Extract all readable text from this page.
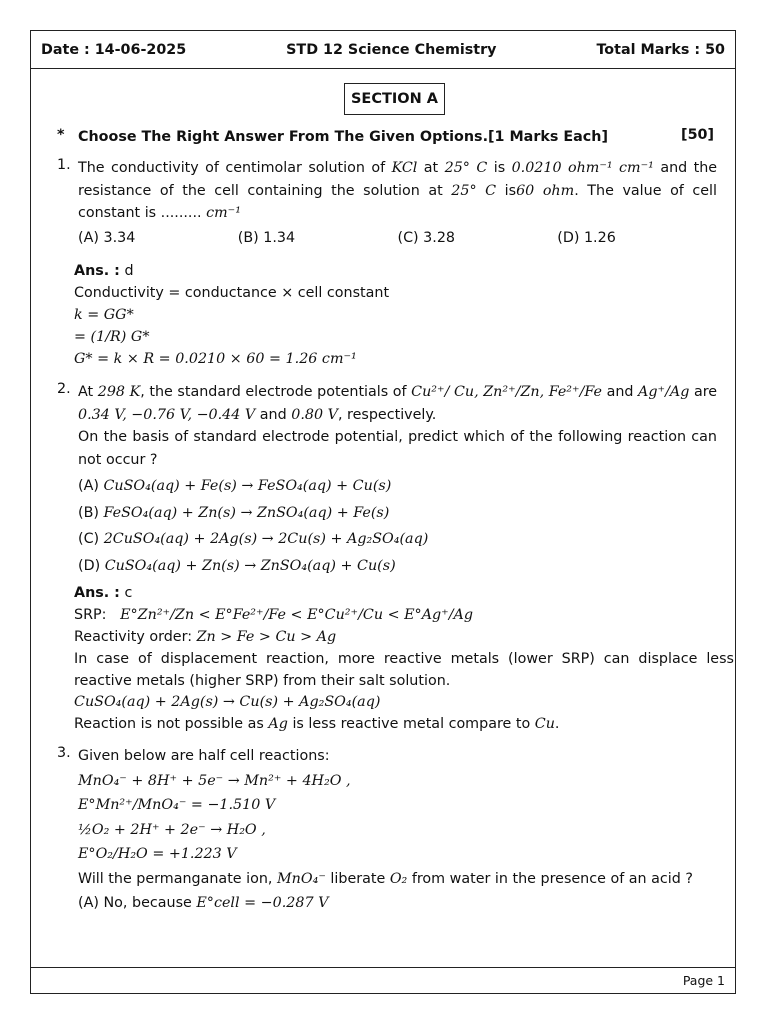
Date : 14-06-2025	STD 12 Science Chemistry	Total Marks : 50
SECTION A
* Choose The Right Answer From The Given Options.[1 Marks Each]	[50]
1. The conductivity of centimolar solution of KCl at 25° C is 0.0210 ohm⁻¹ cm⁻¹ and the resistance of the cell containing the solution at 25° C is60 ohm. The value of cell constant is ......... cm⁻¹
(A) 3.34	(B) 1.34	(C) 3.28	(D) 1.26
Ans. : d
Conductivity = conductance × cell constant
k = GG*
= (1/R) G*
G* = k × R = 0.0210 × 60 = 1.26 cm⁻¹
2. At 298 K, the standard electrode potentials of Cu²⁺/ Cu, Zn²⁺/Zn, Fe²⁺/Fe and Ag⁺/Ag are 0.34 V, −0.76 V, −0.44 V and 0.80 V, respectively.
On the basis of standard electrode potential, predict which of the following reaction can not occur ?
(A) CuSO₄(aq) + Fe(s) → FeSO₄(aq) + Cu(s)
(B) FeSO₄(aq) + Zn(s) → ZnSO₄(aq) + Fe(s)
(C) 2CuSO₄(aq) + 2Ag(s) → 2Cu(s) + Ag₂SO₄(aq)
(D) CuSO₄(aq) + Zn(s) → ZnSO₄(aq) + Cu(s)
Ans. : c
SRP: E°Zn²⁺/Zn < E°Fe²⁺/Fe < E°Cu²⁺/Cu < E°Ag⁺/Ag
Reactivity order: Zn > Fe > Cu > Ag
In case of displacement reaction, more reactive metals (lower SRP) can displace less reactive metals (higher SRP) from their salt solution.
CuSO₄(aq) + 2Ag(s) → Cu(s) + Ag₂SO₄(aq)
Reaction is not possible as Ag is less reactive metal compare to Cu.
3. Given below are half cell reactions:
MnO₄⁻ + 8H⁺ + 5e⁻ → Mn²⁺ + 4H₂O ,
E°Mn²⁺/MnO₄⁻ = −1.510 V
½O₂ + 2H⁺ + 2e⁻ → H₂O ,
E°O₂/H₂O = +1.223 V
Will the permanganate ion, MnO₄⁻ liberate O₂ from water in the presence of an acid ?
(A) No, because E°cell = −0.287 V
Page 1
